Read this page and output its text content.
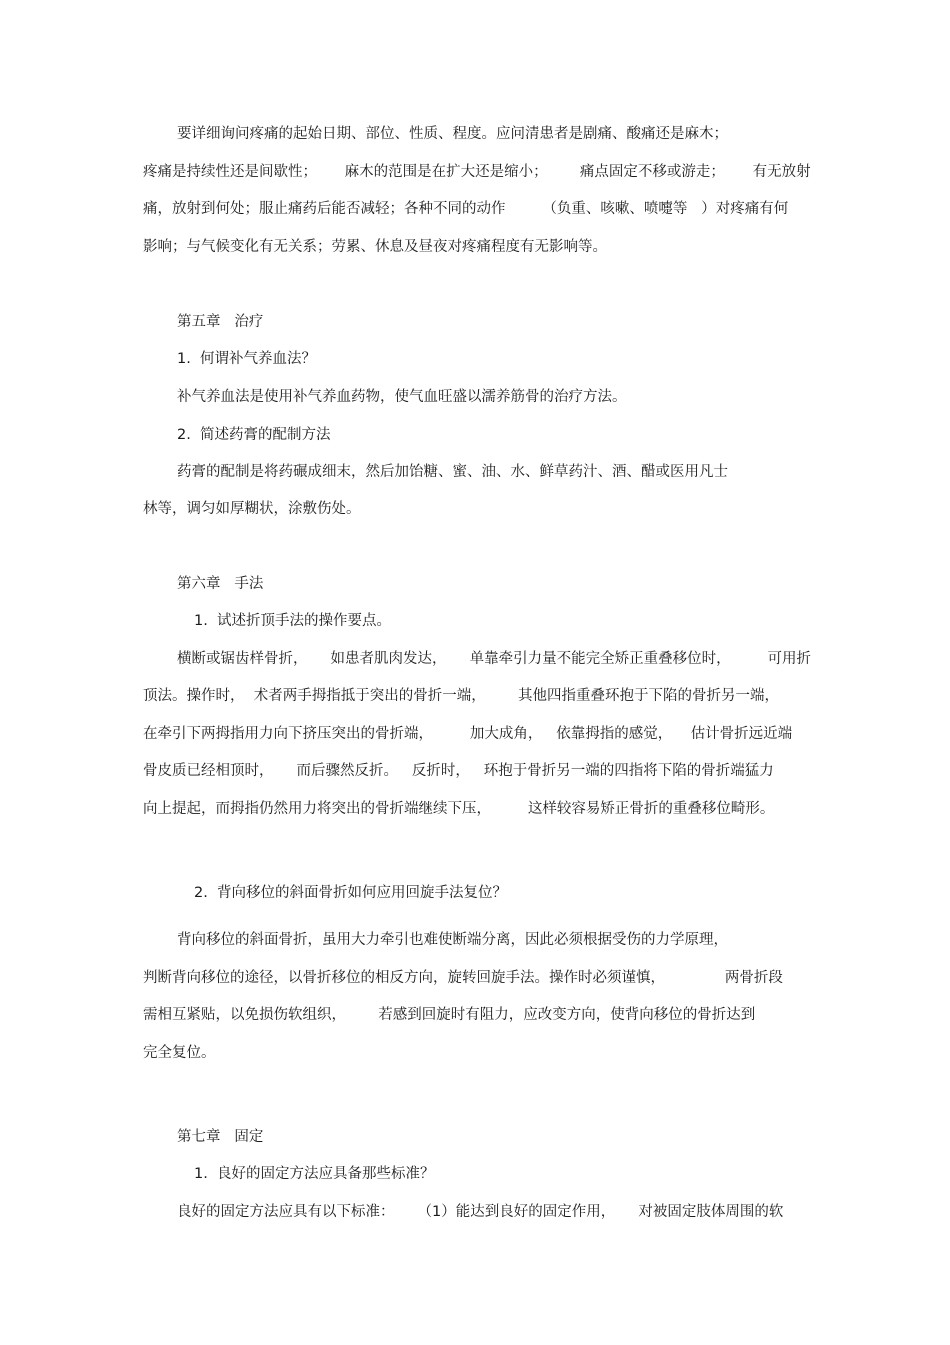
要详细询问疼痛的起始日期、部位、性质、程度。应问清患者是剧痛、酸痛还是麻木；

疼痛是持续性还是间歇性；      麻木的范围是在扩大还是缩小；       痛点固定不移或游走；      有无放射

痛，放射到何处；服止痛药后能否减轻；各种不同的动作        （负重、咳嗽、喷嚏等   ）对疼痛有何

影响；与气候变化有无关系；劳累、休息及昼夜对疼痛程度有无影响等。

第五章   治疗

1.  何谓补气养血法？

补气养血法是使用补气养血药物，使气血旺盛以濡养筋骨的治疗方法。

2.  简述药膏的配制方法

药膏的配制是将药碾成细末，然后加饴糖、蜜、油、水、鲜草药汁、酒、醋或医用凡士

林等，调匀如厚糊状，涂敷伤处。

第六章   手法

1.  试述折顶手法的操作要点。

横断或锯齿样骨折，     如患者肌肉发达，     单靠牵引力量不能完全矫正重叠移位时，        可用折

顶法。操作时，  术者两手拇指抵于突出的骨折一端，       其他四指重叠环抱于下陷的骨折另一端，

在牵引下两拇指用力向下挤压突出的骨折端，        加大成角，   依靠拇指的感觉，    估计骨折远近端

骨皮质已经相顶时，     而后骤然反折。   反折时，   环抱于骨折另一端的四指将下陷的骨折端猛力

向上提起，而拇指仍然用力将突出的骨折端继续下压，        这样较容易矫正骨折的重叠移位畸形。

2.  背向移位的斜面骨折如何应用回旋手法复位？

背向移位的斜面骨折，虽用大力牵引也难使断端分离，因此必须根据受伤的力学原理，

判断背向移位的途径，以骨折移位的相反方向，旋转回旋手法。操作时必须谨慎，             两骨折段

需相互紧贴，以免损伤软组织，       若感到回旋时有阻力，应改变方向，使背向移位的骨折达到

完全复位。

第七章   固定

1.  良好的固定方法应具备那些标准？

良好的固定方法应具有以下标准：     （1）能达到良好的固定作用，     对被固定肢体周围的软
